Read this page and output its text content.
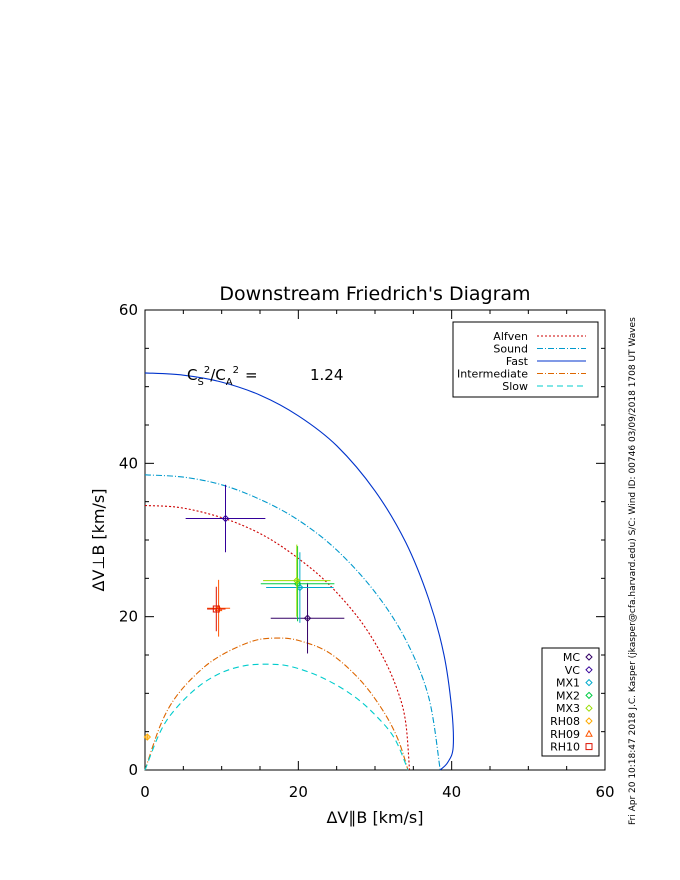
Downstream Friedrich's Diagram
0	20	40	60
0
20
40
60
ΔV∥B [km/s]
ΔV⊥B [km/s]
$C_S^2/C_A^2$ =	1.24
Alfven
Sound
Fast
Intermediate
Slow
MC
VC
MX1
MX2
MX3
RH08
RH09
RH10	Fri Apr 20 10:18:47 2018 J.C. Kasper (jkasper@cfa.harvard.edu) S/C: Wind ID: 00746 03/09/2018 1708 UT Waves
